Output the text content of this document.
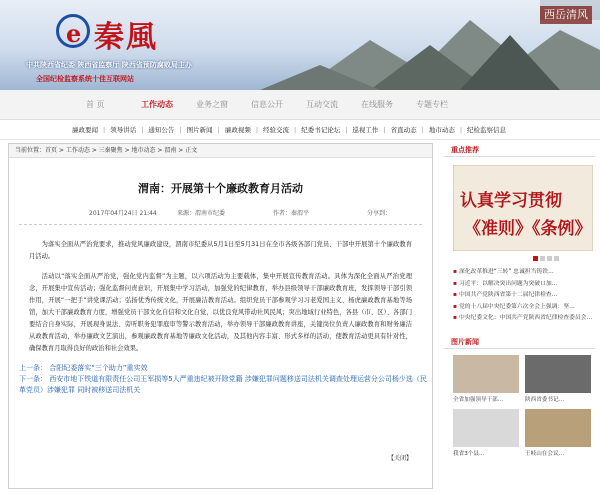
e 秦風
中共陕西省纪委 陕西省监察厅 陕西省预防腐败局主办
全国纪检监察系统十佳互联网站
西岳清风
首 页	工作动态	业务之窗	信息公开	互动交流	在线服务	专题专栏
廉政要闻 | 领导讲话 | 通知公告 | 图片新闻 | 廉政视频 | 经验交流 | 纪委书记论坛 | 巡视工作 | 省直动态 | 地市动态 | 纪检监察信息
当前位置：首页 > 工作动态 > 三秦聚焦 > 地市动态 > 渭南 > 正文
渭南：开展第十个廉政教育月活动
2017年04月24日 21:44	来源：渭南市纪委	作者：秦渭平	分享到：

为落实全面从严治党要求，推动党风廉政建设，渭南市纪委从5月1日至5月31日在全市各级各部门党员、干部中开展第十个廉政教育月活动。

活动以“落实全面从严治党，强化党内监督”为主题，以六项活动为主要载体，集中开展宣传教育活动。具体为深化全面从严治党理念，开展集中宣传活动；强化监督问责意识，开展集中学习活动，加强党的纪律教育，举办县级领导干部廉政教育班，发挥领导干部引领作用，开展“一把手”讲党课活动；弘扬优秀传统文化，开展廉洁教育活动。组织党员干部参观学习习老爱国主义、杨虎廉政教育基地等场馆，加大干部廉政教育力度，增强党员干部文化自信和文化自觉，以优良党风带动社风民风；突出地域行业特色，各县（市、区）、各部门要结合自身实际，开展现身说法、旁听职务犯罪庭审等警示教育活动，举办领导干部廉政教育讲座，关键岗位负责人廉政教育和财务廉洁从政教育活动，举办廉政文艺演出，参观廉政教育基地等廉政文化活动，及其他内容丰富、形式多样的活动，使教育活动更具有针对性，确保教育月取得良好的政治和社会效果。

上一条： 合阳纪委落实“三个助力”重实效
下一条： 西安市地下铁道有限责任公司王军损等5人严重违纪被开除党籍 涉嫌犯罪问题移送司法机关调查处理运营分公司杨少选（民革党员）涉嫌犯罪 同时被移送司法机关
【关闭】
重点推荐
认真学习贯彻
《准则》《条例》
▪ 深化改革推进“三转” 忠诚担当铸铁…
▪ 习近平：以解决突出问题为突破口加…
▪ 中国共产党陕西省第十二届纪律检查…
▪ 党的十八届中央纪委第六次全会上强调：坚…
▪ 中央纪委文化：中国共产党陕西省纪律检查委员会…
图片新闻
全省加强领导干部…	陕西省委书记…
我省3个县…	王岐山在会议…
